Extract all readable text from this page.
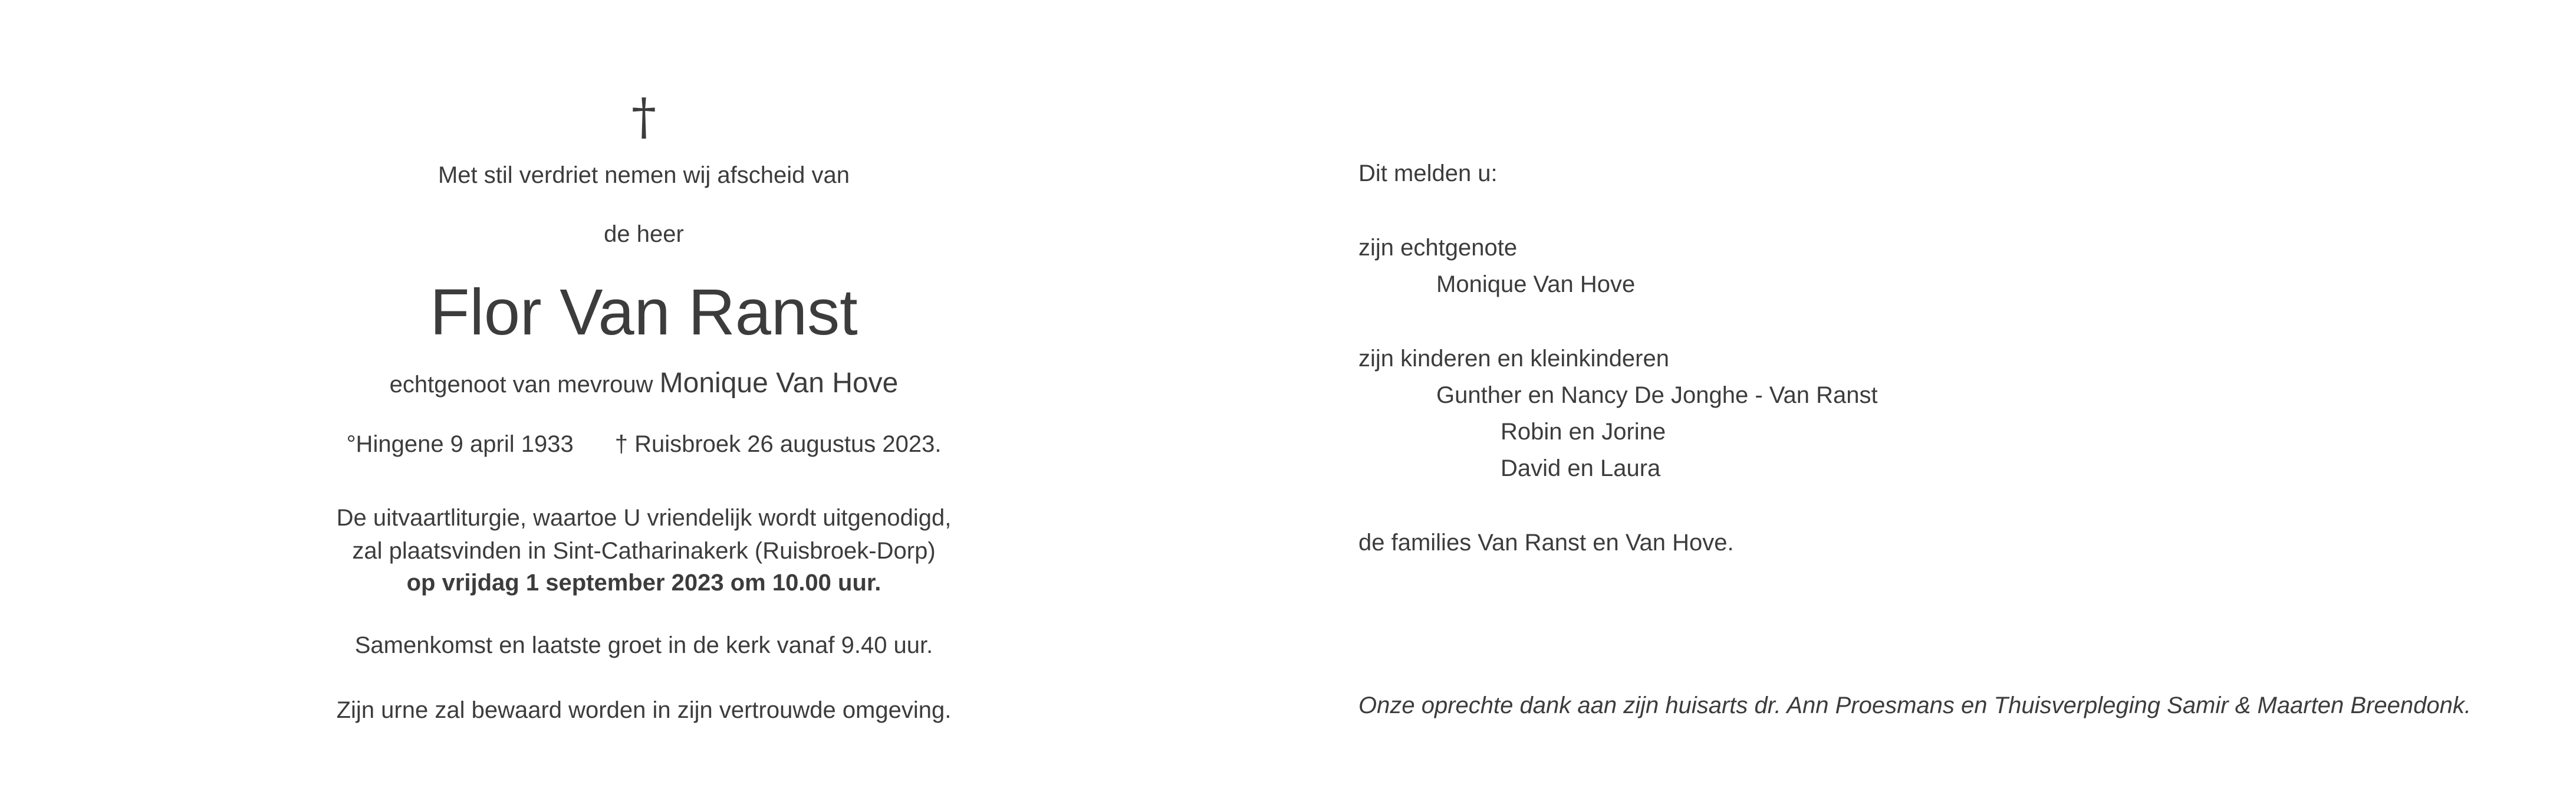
†
Met stil verdriet nemen wij afscheid van
de heer
Flor Van Ranst
echtgenoot van mevrouw Monique Van Hove
°Hingene 9 april 1933 † Ruisbroek 26 augustus 2023.
De uitvaartliturgie, waartoe U vriendelijk wordt uitgenodigd,
zal plaatsvinden in Sint-Catharinakerk (Ruisbroek-Dorp)
op vrijdag 1 september 2023 om 10.00 uur.
Samenkomst en laatste groet in de kerk vanaf 9.40 uur.
Zijn urne zal bewaard worden in zijn vertrouwde omgeving.
Dit melden u:
zijn echtgenote
Monique Van Hove
zijn kinderen en kleinkinderen
Gunther en Nancy De Jonghe - Van Ranst
Robin en Jorine
David en Laura
de families Van Ranst en Van Hove.
Onze oprechte dank aan zijn huisarts dr. Ann Proesmans en Thuisverpleging Samir & Maarten Breendonk.
